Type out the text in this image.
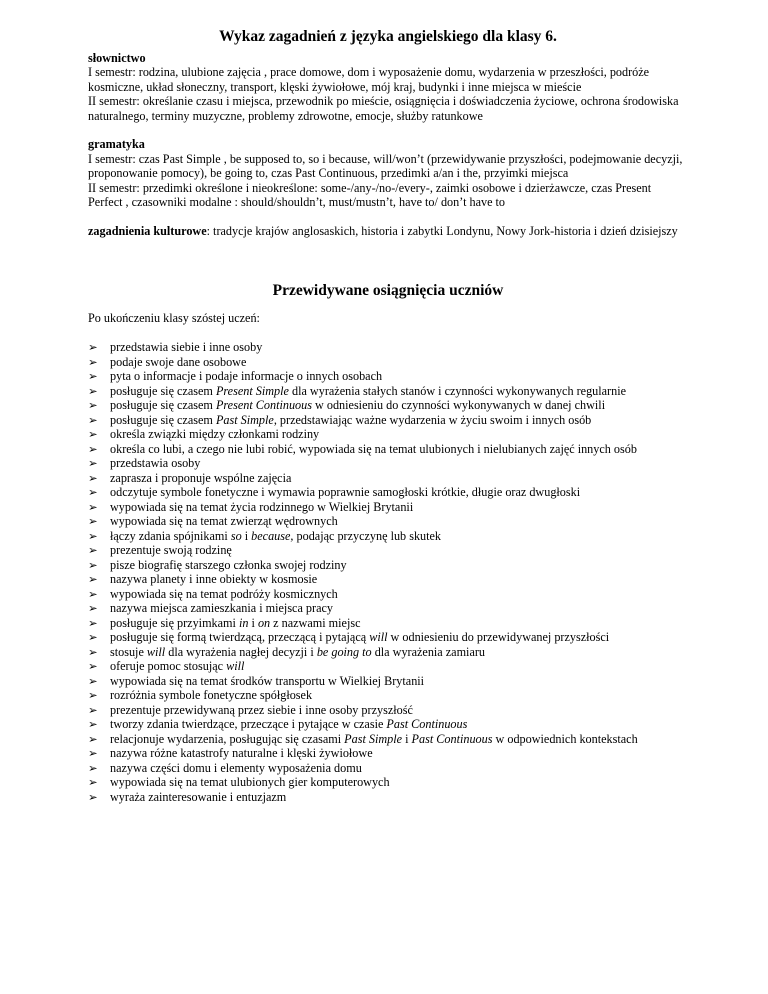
Wykaz zagadnień z języka angielskiego dla klasy 6.
słownictwo

I semestr: rodzina, ulubione zajęcia , prace domowe, dom i wyposażenie domu, wydarzenia w przeszłości, podróże kosmiczne, układ słoneczny, transport, klęski żywiołowe, mój kraj, budynki i inne miejsca w mieście

II semestr: określanie czasu i miejsca, przewodnik po mieście, osiągnięcia i doświadczenia życiowe, ochrona środowiska naturalnego, terminy muzyczne, problemy zdrowotne, emocje, służby ratunkowe

gramatyka

I semestr: czas Past Simple , be supposed to, so i because, will/won’t (przewidywanie przyszłości, podejmowanie decyzji, proponowanie pomocy), be going to, czas Past Continuous, przedimki a/an i the, przyimki miejsca

II semestr: przedimki określone i nieokreślone: some-/any-/no-/every-, zaimki osobowe i dzierżawcze, czas Present Perfect , czasowniki modalne : should/shouldn’t, must/mustn’t, have to/ don’t have to

zagadnienia kulturowe: tradycje krajów anglosaskich, historia i zabytki Londynu, Nowy Jork-historia i dzień dzisiejszy

Przewidywane osiągnięcia uczniów

Po ukończeniu klasy szóstej uczeń:

➢ przedstawia siebie i inne osoby
➢ podaje swoje dane osobowe
➢ pyta o informacje i podaje informacje o innych osobach
➢ posługuje się czasem Present Simple dla wyrażenia stałych stanów i czynności wykonywanych regularnie
➢ posługuje się czasem Present Continuous w odniesieniu do czynności wykonywanych w danej chwili
➢ posługuje się czasem Past Simple, przedstawiając ważne wydarzenia w życiu swoim i innych osób
➢ określa związki między członkami rodziny
➢ określa co lubi, a czego nie lubi robić, wypowiada się na temat ulubionych i nielubianych zajęć innych osób
➢ przedstawia osoby
➢ zaprasza i proponuje wspólne zajęcia
➢ odczytuje symbole fonetyczne i wymawia poprawnie samogłoski krótkie, długie oraz dwugłoski
➢ wypowiada się na temat życia rodzinnego w Wielkiej Brytanii
➢ wypowiada się na temat zwierząt wędrownych
➢ łączy zdania spójnikami so i because, podając przyczynę lub skutek
➢ prezentuje swoją rodzinę
➢ pisze biografię starszego członka swojej rodziny
➢ nazywa planety i inne obiekty w kosmosie
➢ wypowiada się na temat podróży kosmicznych
➢ nazywa miejsca zamieszkania i miejsca pracy
➢ posługuje się przyimkami in i on z nazwami miejsc
➢ posługuje się formą twierdzącą, przeczącą i pytającą will w odniesieniu do przewidywanej przyszłości
➢ stosuje will dla wyrażenia nagłej decyzji i be going to dla wyrażenia zamiaru
➢ oferuje pomoc stosując will
➢ wypowiada się na temat środków transportu w Wielkiej Brytanii
➢ rozróżnia symbole fonetyczne spółgłosek
➢ prezentuje przewidywaną przez siebie i inne osoby przyszłość
➢ tworzy zdania twierdzące, przeczące i pytające w czasie Past Continuous
➢ relacjonuje wydarzenia, posługując się czasami Past Simple i Past Continuous w odpowiednich kontekstach
➢ nazywa różne katastrofy naturalne i klęski żywiołowe
➢ nazywa części domu i elementy wyposażenia domu
➢ wypowiada się na temat ulubionych gier komputerowych
➢ wyraża zainteresowanie i entuzjazm
